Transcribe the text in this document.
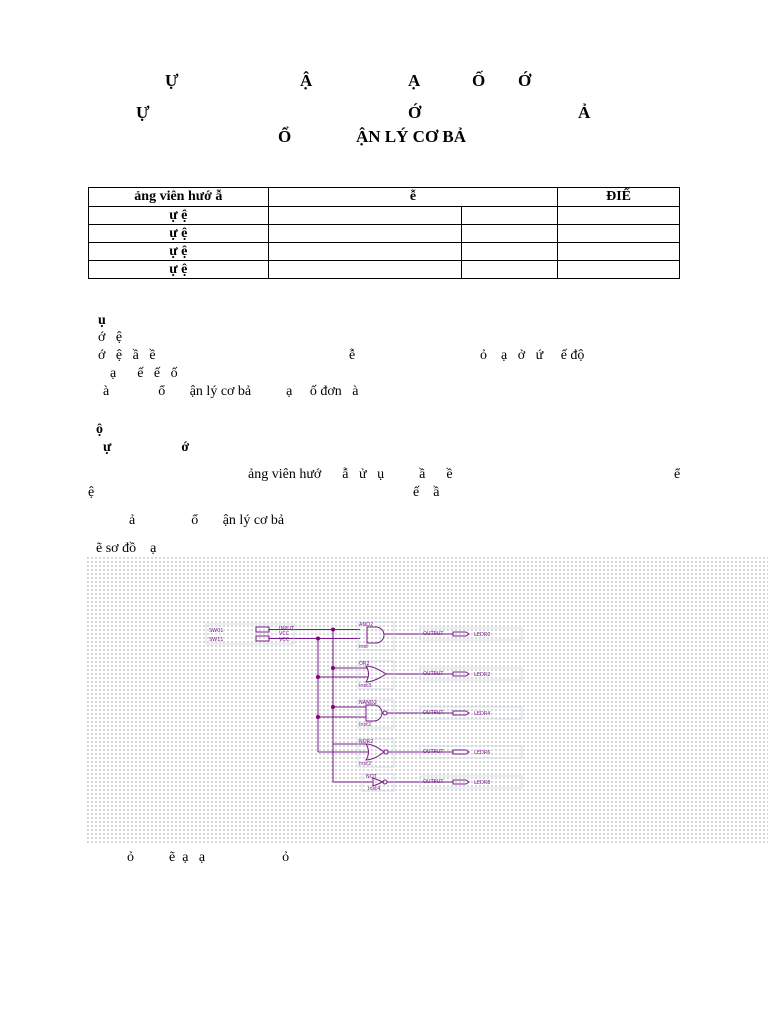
Ự	Ậ	Ạ	Ố Ớ
Ự	Ớ	Ả
Ổ	ẬN LÝ CƠ BẢ
ảng viên hướ ẫ	ễ		ĐIỂ
ự ệ			
ự ệ			
ự ệ			
ự ệ			
ụ
ớ   ệ
ớ   ệ   ầ   ề	ễ	ỏ    ạ   ở   ứ     ế độ
ạ      ế   ế   ố
à              ổ       ận lý cơ bả          ạ     ố đơn   à
ộ
ự                    ớ
ảng viên hướ      ẫ   ử   ụ          ầ      ề	ể
ệ	ế    ầ
ả                ổ       ận lý cơ bả
ẽ sơ đồ    ạ
SW01
SW11
INPUT
VCC
VCC
AND2
inst
OR2
inst3
NAND2
inst2
NOR2
inst2
NOT
inst4
OUTPUT
OUTPUT
OUTPUT
OUTPUT
OUTPUT
LEDR0
LEDR2
LEDR4
LEDR6
LEDR8
ỏ          ẽ  ạ   ạ                      ỏ
